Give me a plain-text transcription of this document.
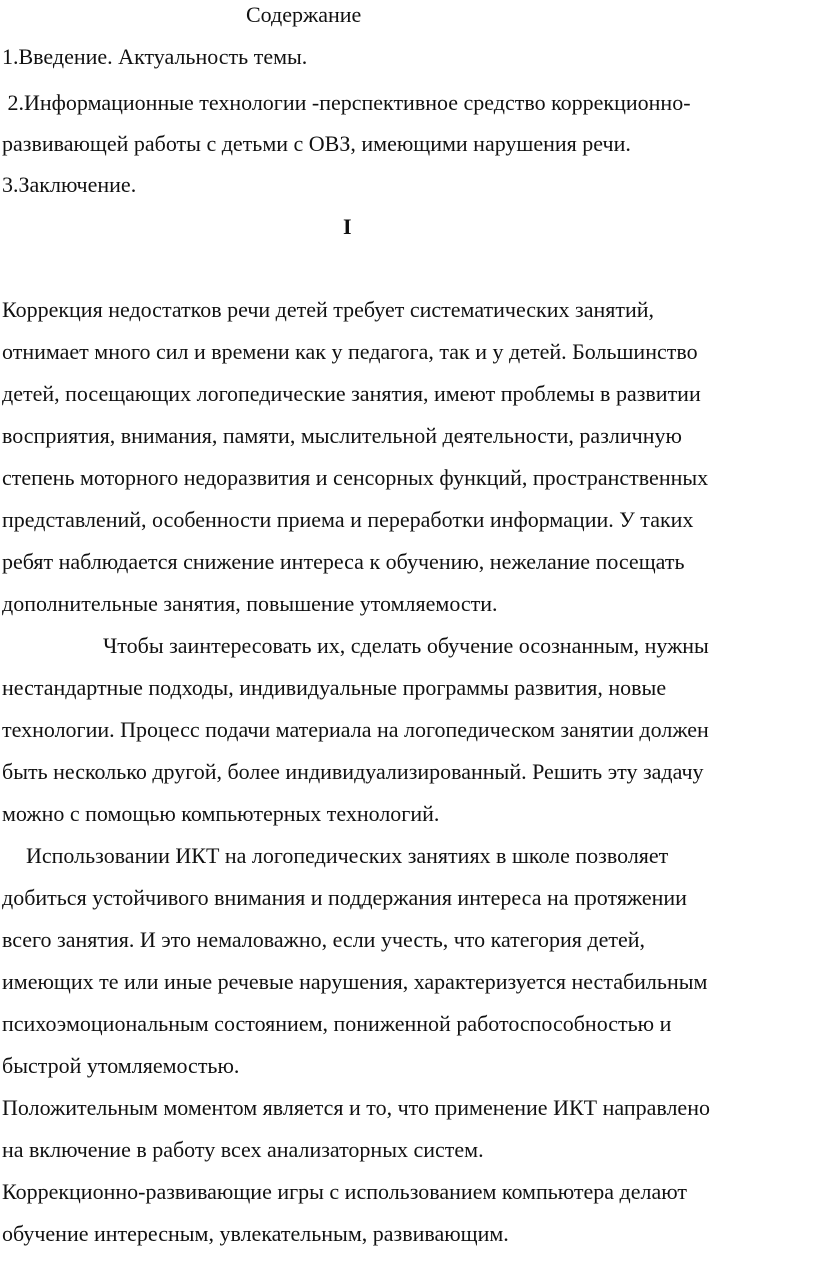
Содержание
1.Введение. Актуальность темы.
2.Информационные технологии -перспективное средство коррекционно-
развивающей работы с детьми с ОВЗ, имеющими нарушения речи.
3.Заключение.
I
Коррекция недостатков речи детей требует систематических занятий,
отнимает много сил и времени как у педагога, так и у детей. Большинство
детей, посещающих логопедические занятия, имеют проблемы в развитии
восприятия, внимания, памяти, мыслительной деятельности, различную
степень моторного недоразвития и сенсорных функций, пространственных
представлений, особенности приема и переработки информации. У таких
ребят наблюдается снижение интереса к обучению, нежелание посещать
дополнительные занятия, повышение утомляемости.
Чтобы заинтересовать их, сделать обучение осознанным, нужны
нестандартные подходы, индивидуальные программы развития, новые
технологии. Процесс подачи материала на логопедическом занятии должен
быть несколько другой, более индивидуализированный. Решить эту задачу
можно с помощью компьютерных технологий.
Использовании ИКТ на логопедических занятиях в школе позволяет
добиться устойчивого внимания и поддержания интереса на протяжении
всего занятия. И это немаловажно, если учесть, что категория детей,
имеющих те или иные речевые нарушения, характеризуется нестабильным
психоэмоциональным состоянием, пониженной работоспособностью и
быстрой утомляемостью.
Положительным моментом является и то, что применение ИКТ направлено
на включение в работу всех анализаторных систем.
Коррекционно-развивающие игры с использованием компьютера делают
обучение интересным, увлекательным, развивающим.
